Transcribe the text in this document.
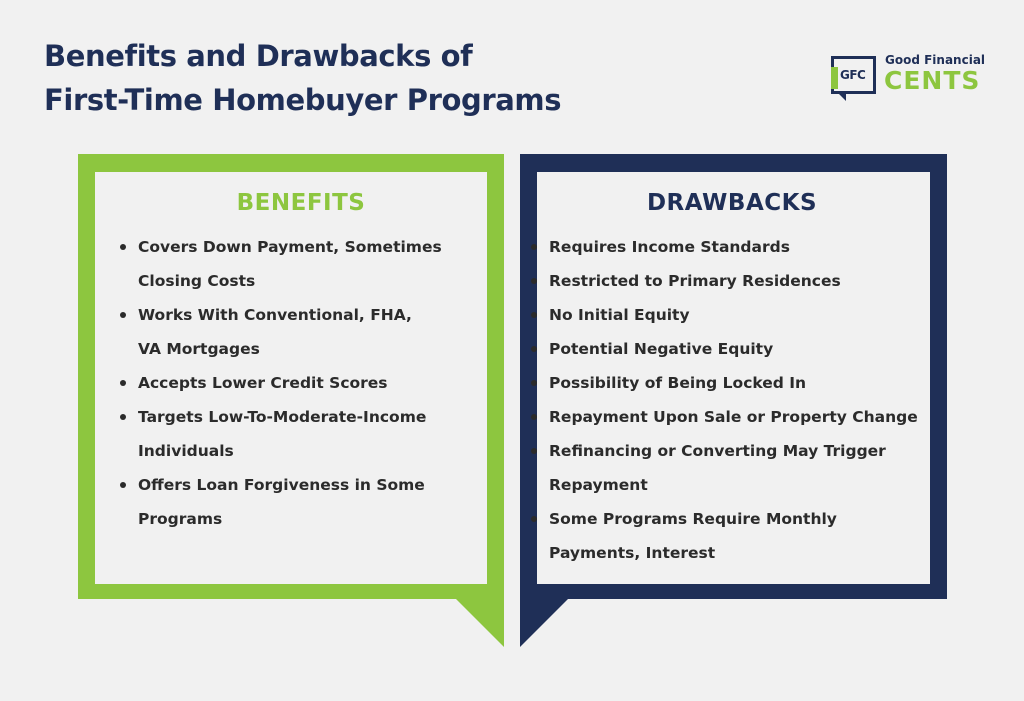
Benefits and Drawbacks of
First-Time Homebuyer Programs
GFC
Good Financial
CENTS
BENEFITS	DRAWBACKS
Covers Down Payment, Sometimes
Closing Costs
Works With Conventional, FHA,
VA Mortgages
Accepts Lower Credit Scores
Targets Low-To-Moderate-Income
Individuals
Offers Loan Forgiveness in Some Programs
Requires Income Standards
Restricted to Primary Residences
No Initial Equity
Potential Negative Equity
Possibility of Being Locked In
Repayment Upon Sale or Property Change
Refinancing or Converting May Trigger
Repayment
Some Programs Require Monthly
Payments, Interest
